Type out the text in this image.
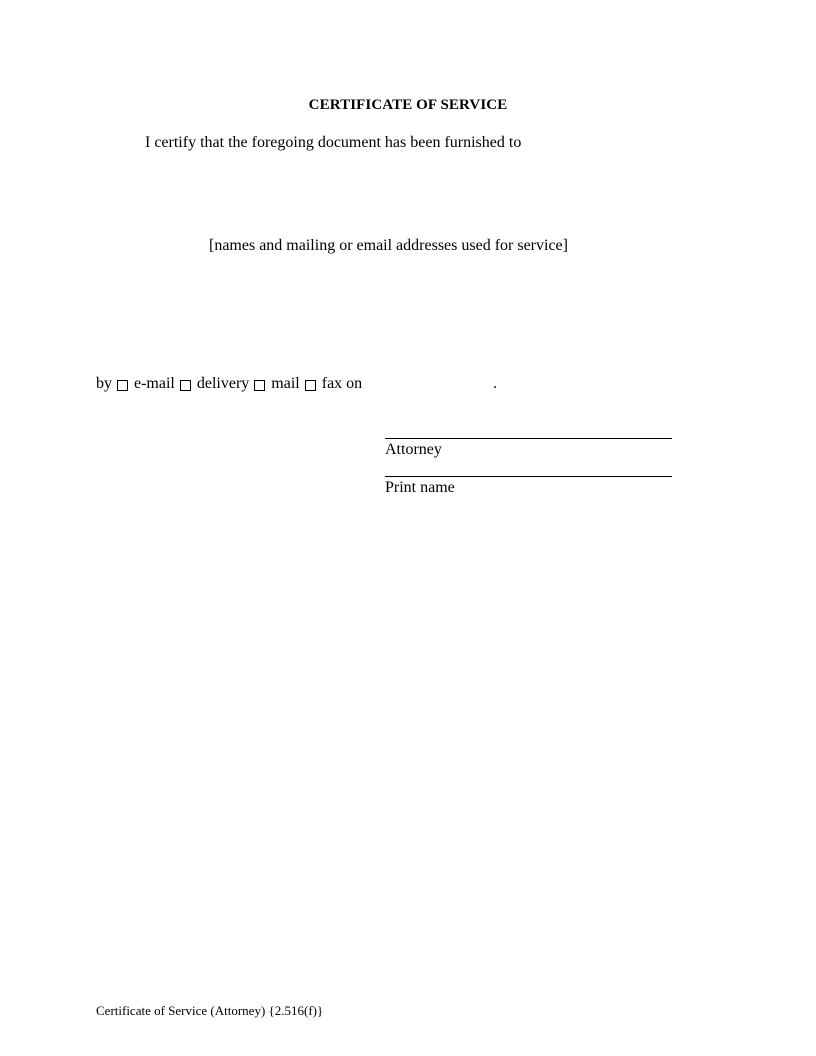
CERTIFICATE OF SERVICE
I certify that the foregoing document has been furnished to
[names and mailing or email addresses used for service]
by e-mail delivery mail fax on	.
Attorney
Print name
Certificate of Service (Attorney) {2.516(f)}
